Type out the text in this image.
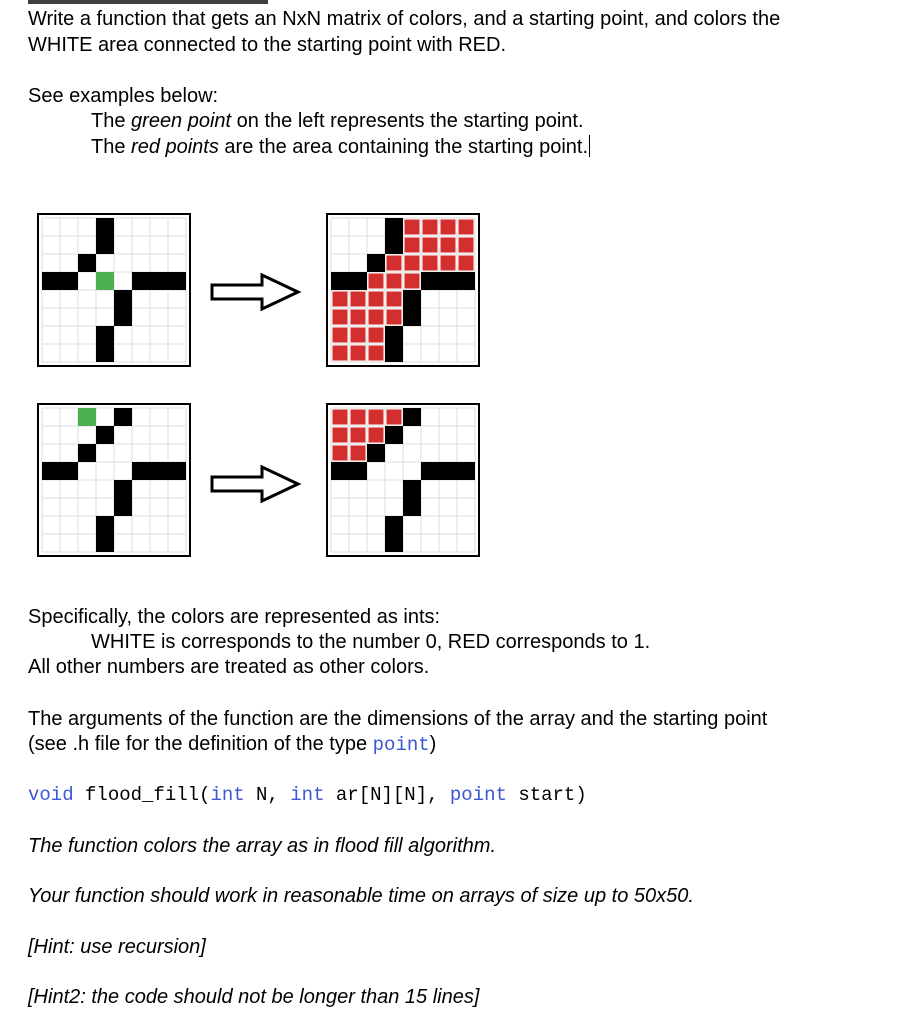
Write a function that gets an NxN matrix of colors, and a starting point, and colors the
WHITE area connected to the starting point with RED.
See examples below:
The green point on the left represents the starting point.
The red points are the area containing the starting point.
Specifically, the colors are represented as ints:
WHITE is corresponds to the number 0, RED corresponds to 1.
All other numbers are treated as other colors.
The arguments of the function are the dimensions of the array and the starting point
(see .h file for the definition of the type point)
void flood_fill(int N, int ar[N][N], point start)
The function colors the array as in flood fill algorithm.
Your function should work in reasonable time on arrays of size up to 50x50.
[Hint: use recursion]
[Hint2: the code should not be longer than 15 lines]
